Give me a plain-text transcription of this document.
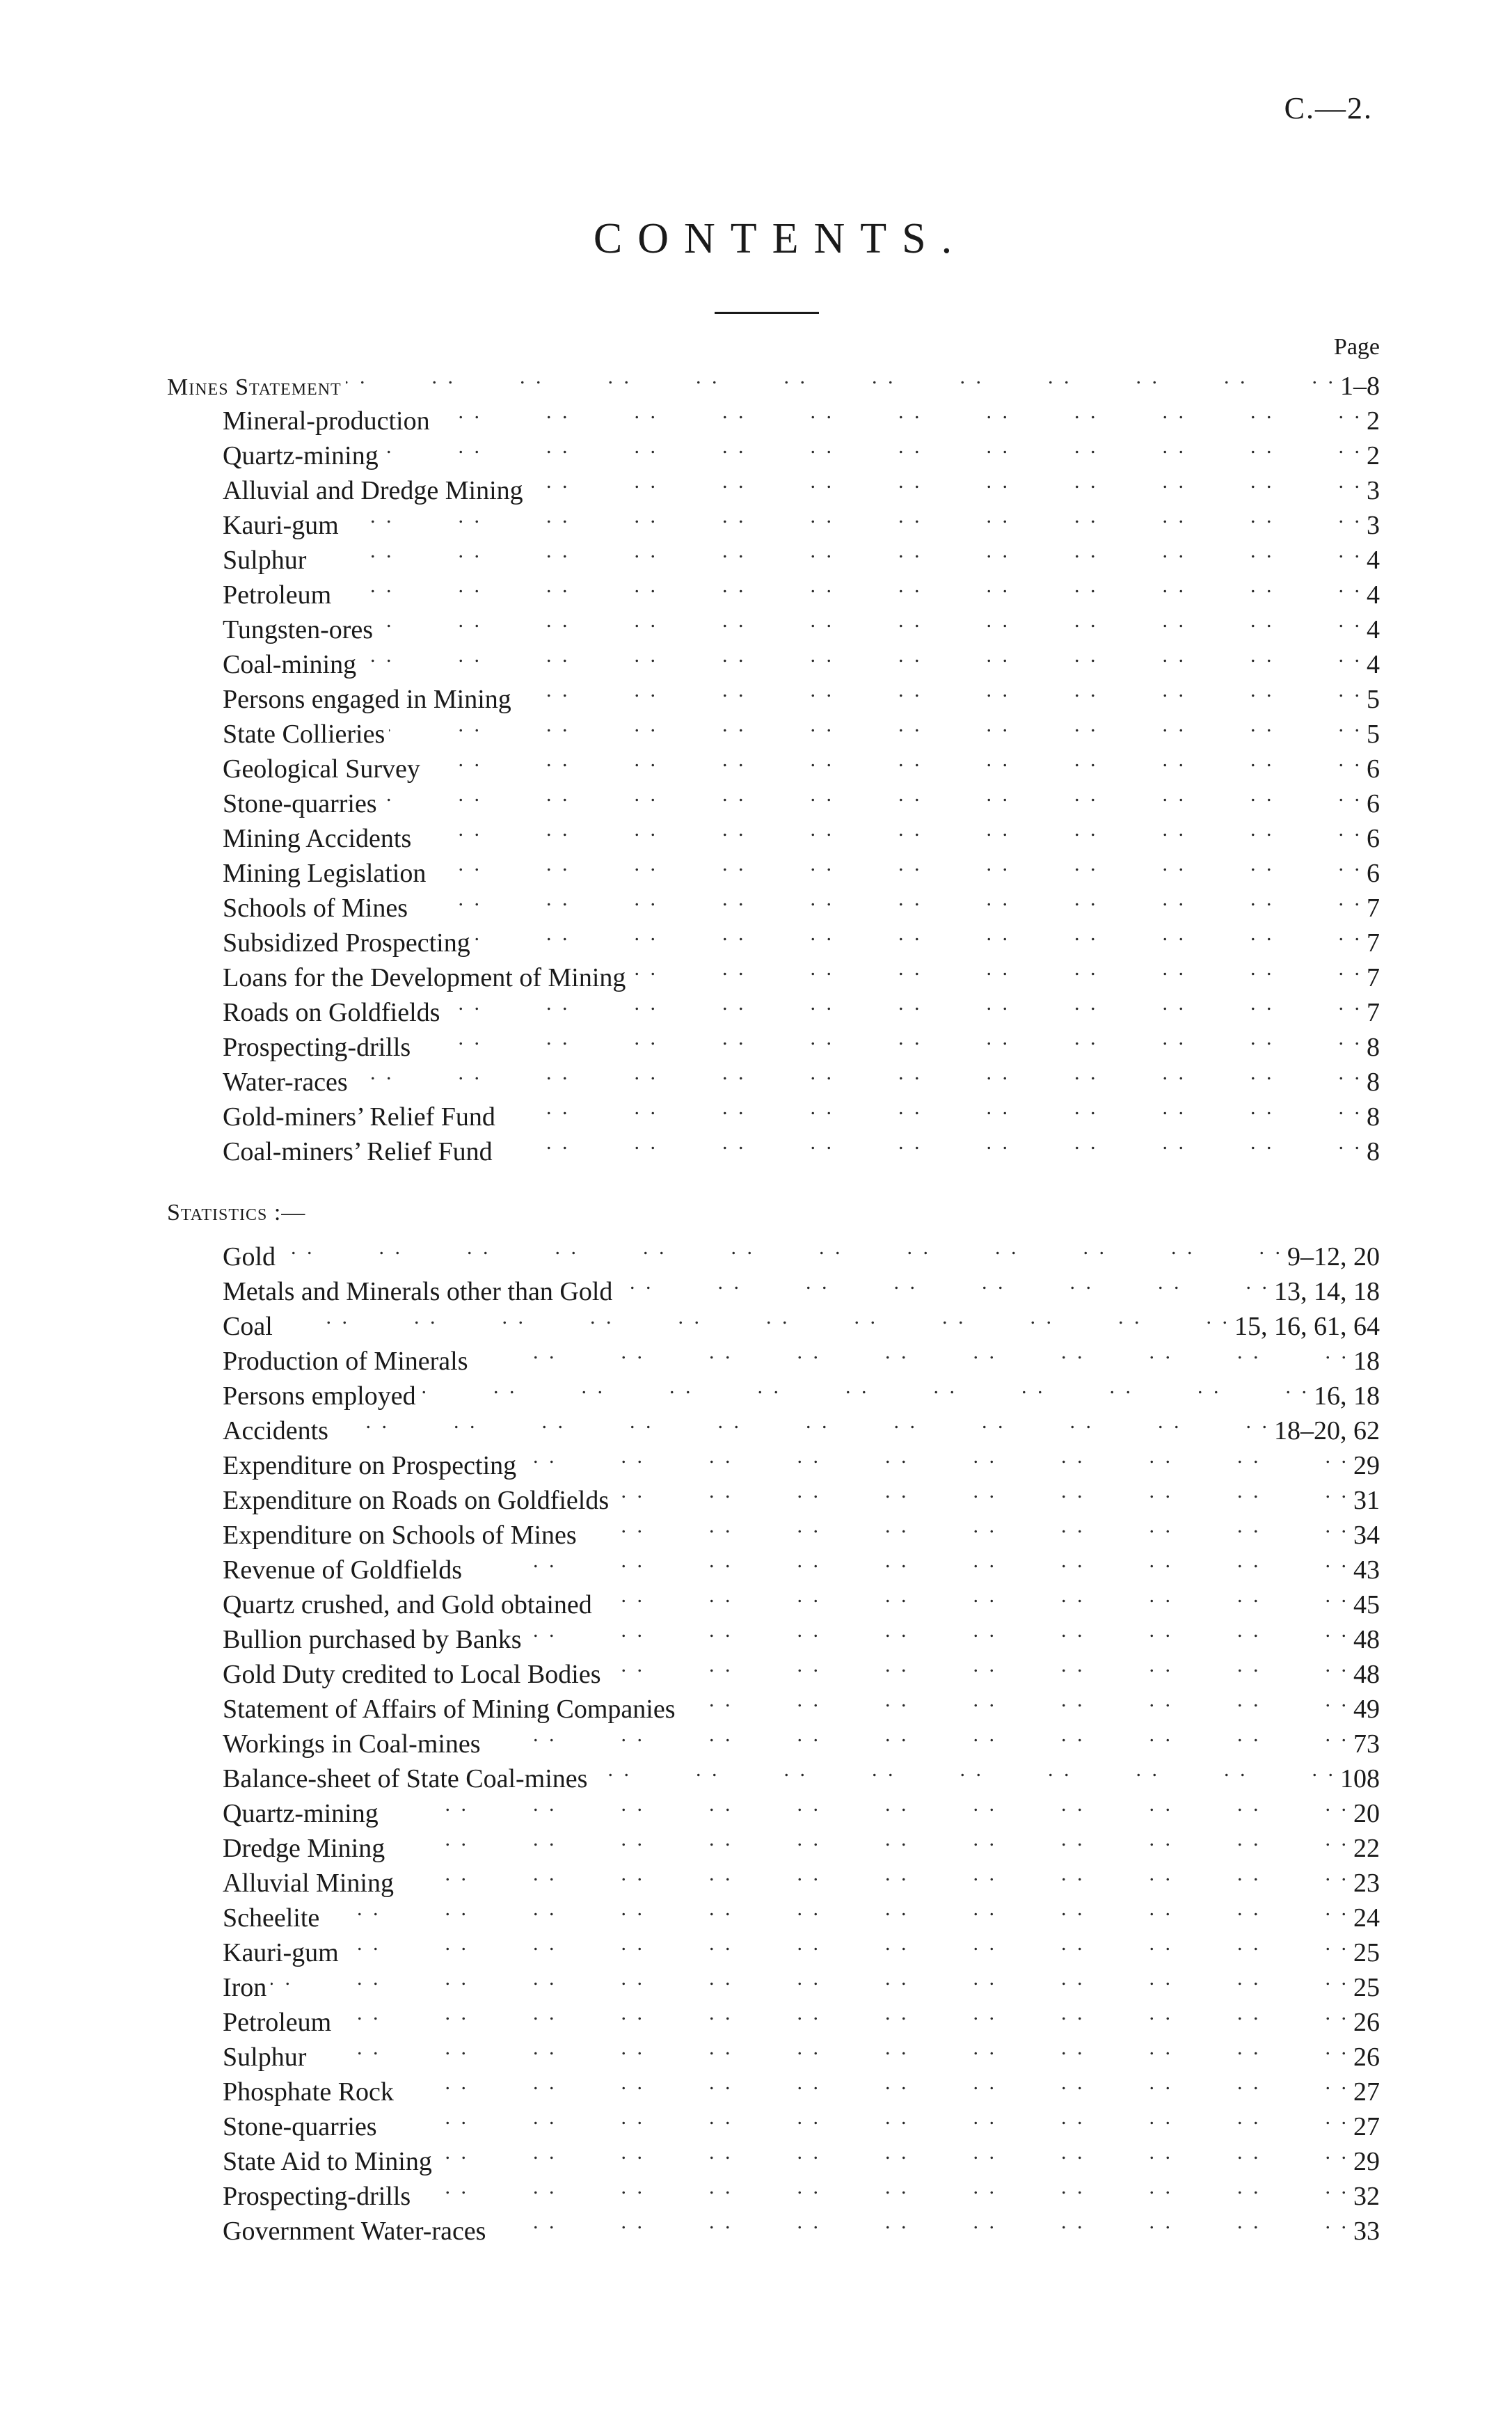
C.—2.
CONTENTS.
Page
Mines Statement . .	1–8
Mineral-production . .	2
Quartz-mining . .	2
Alluvial and Dredge Mining . .	3
Kauri-gum . .	3
Sulphur . .	4
Petroleum . .	4
Tungsten-ores . .	4
Coal-mining . .	4
Persons engaged in Mining . .	5
State Collieries . .	5
Geological Survey . .	6
Stone-quarries . .	6
Mining Accidents . .	6
Mining Legislation . .	6
Schools of Mines . .	7
Subsidized Prospecting . .	7
Loans for the Development of Mining . .	7
Roads on Goldfields . .	7
Prospecting-drills . .	8
Water-races . .	8
Gold-miners’ Relief Fund . .	8
Coal-miners’ Relief Fund . .	8
Statistics :—
Gold . .	9–12, 20
Metals and Minerals other than Gold . .	13, 14, 18
Coal . .	15, 16, 61, 64
Production of Minerals . .	18
Persons employed . .	16, 18
Accidents . .	18–20, 62
Expenditure on Prospecting . .	29
Expenditure on Roads on Goldfields . .	31
Expenditure on Schools of Mines . .	34
Revenue of Goldfields . .	43
Quartz crushed, and Gold obtained . .	45
Bullion purchased by Banks . .	48
Gold Duty credited to Local Bodies . .	48
Statement of Affairs of Mining Companies . .	49
Workings in Coal-mines . .	73
Balance-sheet of State Coal-mines . .	108
Quartz-mining . .	20
Dredge Mining . .	22
Alluvial Mining . .	23
Scheelite . .	24
Kauri-gum . .	25
Iron . .	25
Petroleum . .	26
Sulphur . .	26
Phosphate Rock . .	27
Stone-quarries . .	27
State Aid to Mining . .	29
Prospecting-drills . .	32
Government Water-races . .	33
